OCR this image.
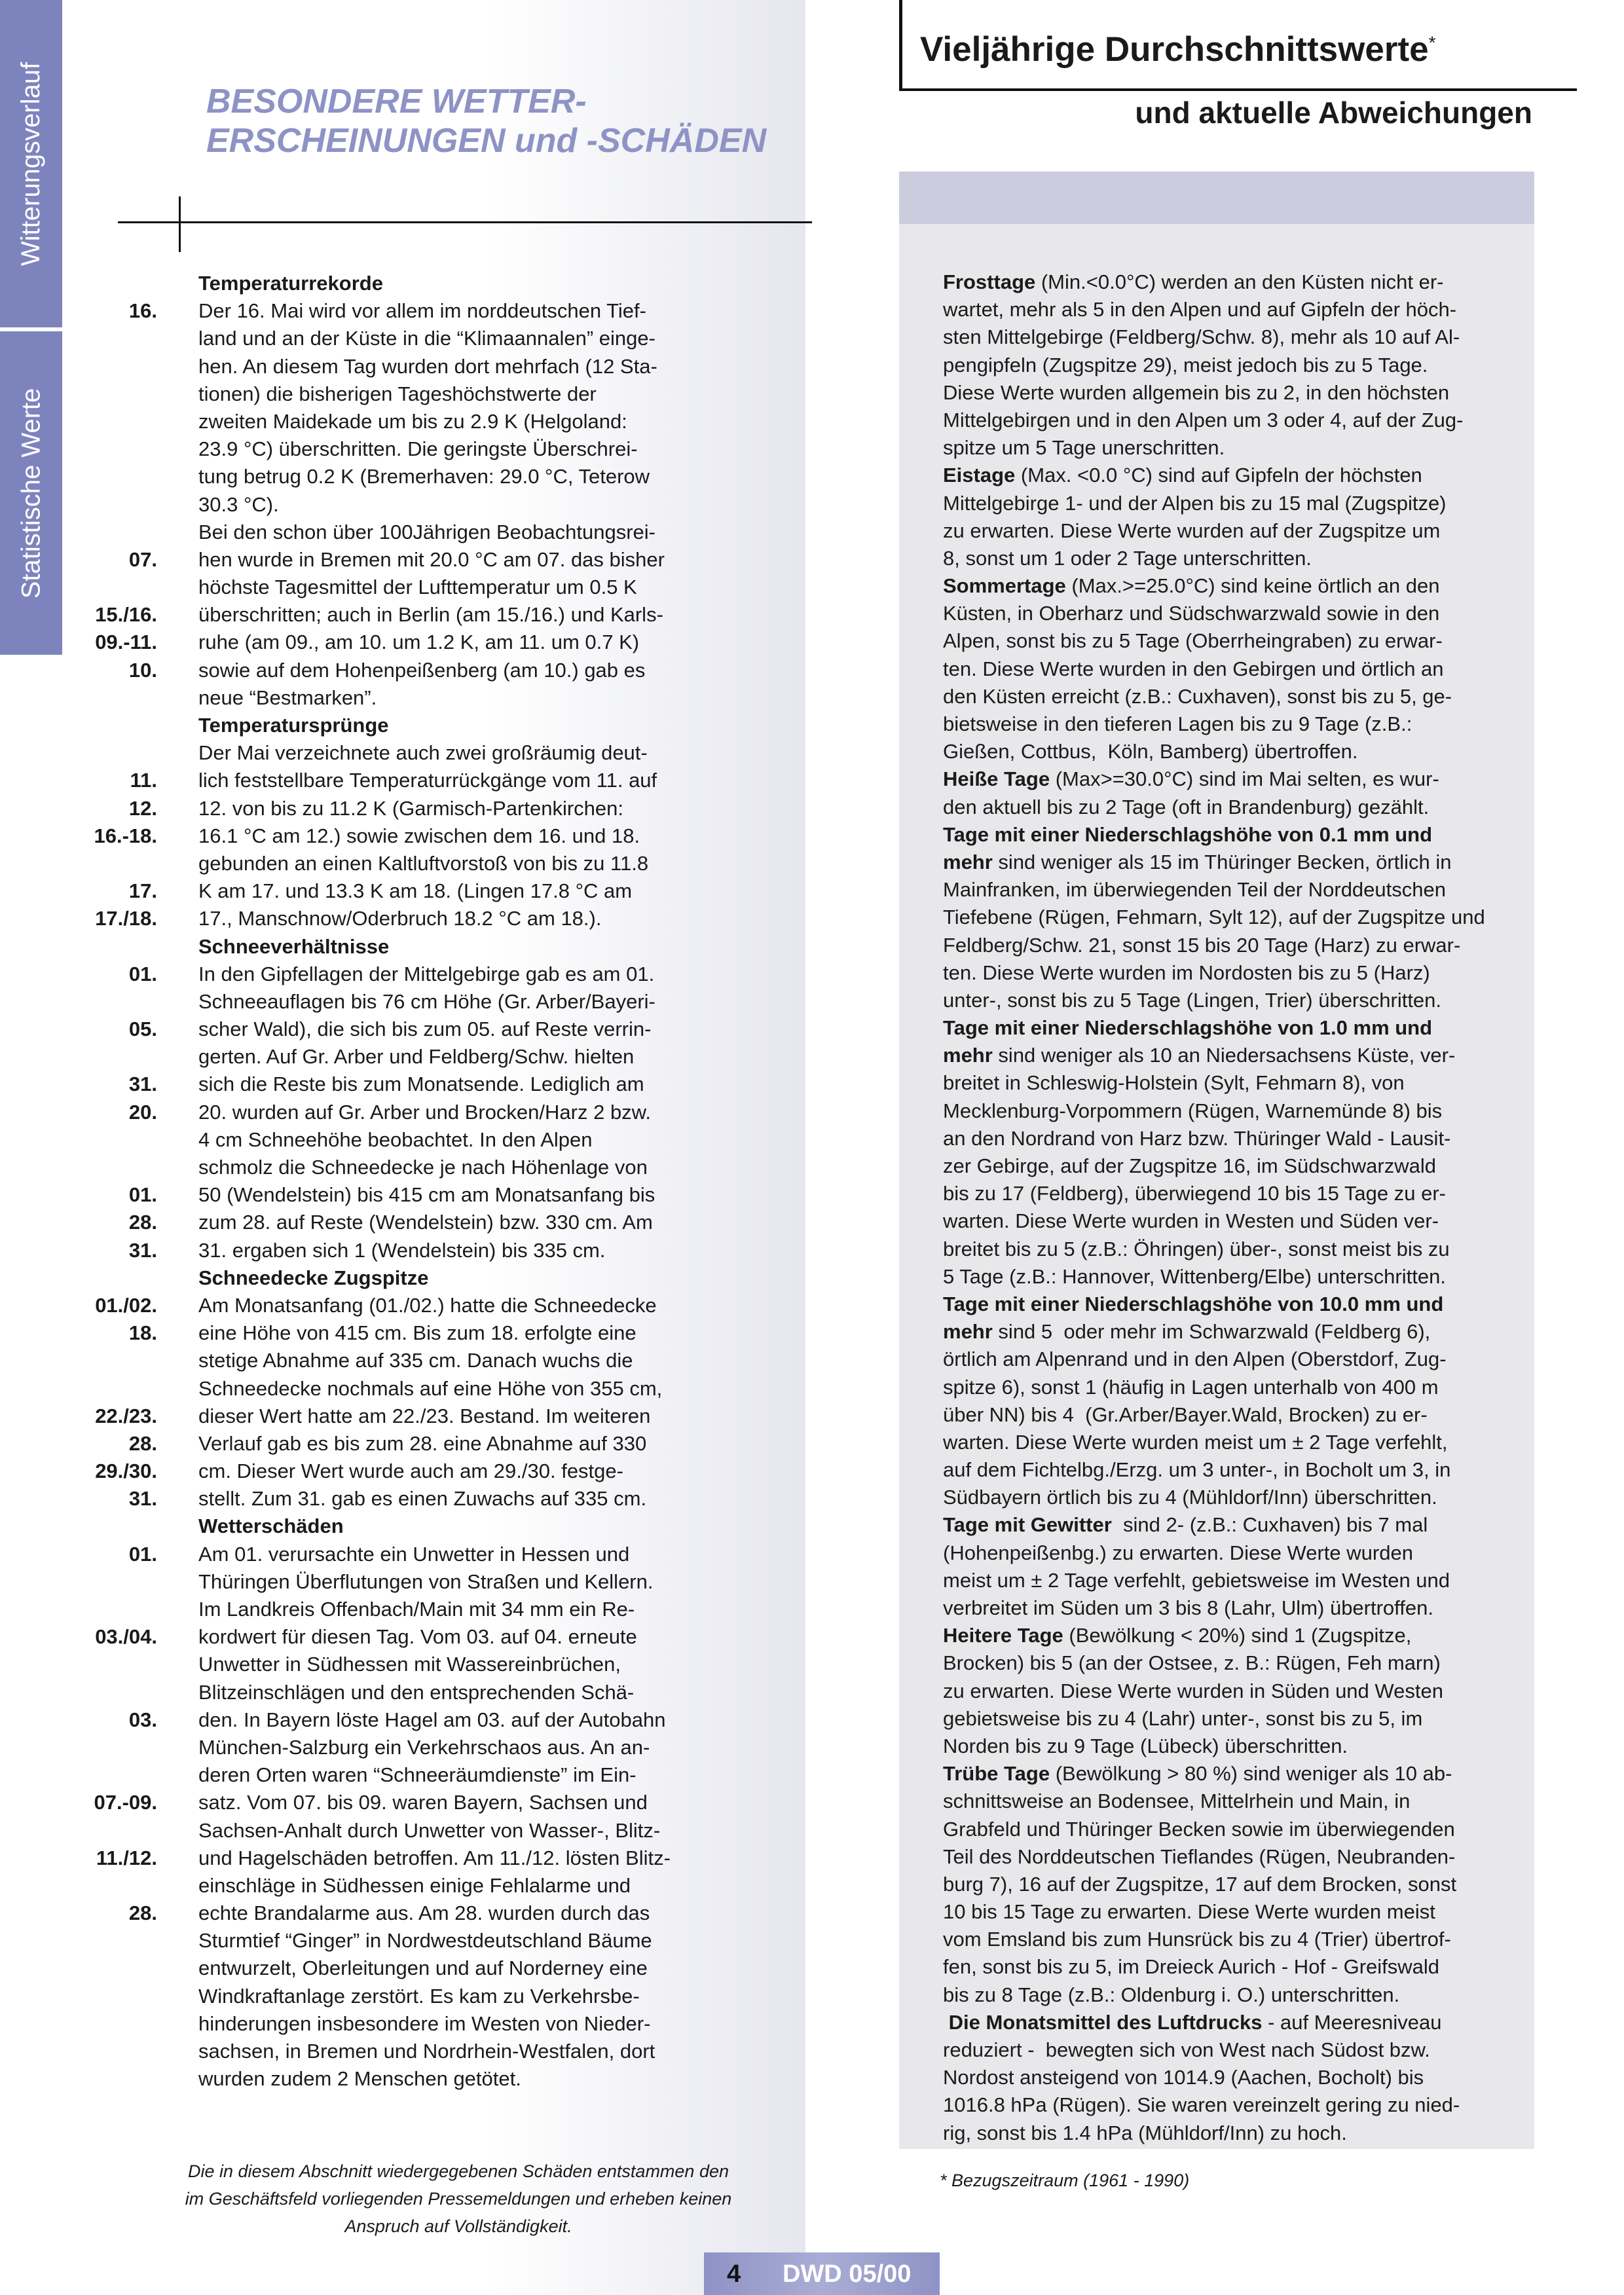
Witterungsverlauf
Statistische Werte
BESONDERE WETTER-
ERSCHEINUNGEN und -SCHÄDEN
Temperaturrekorde
16. Der 16. Mai wird vor allem im norddeutschen Tief-
land und an der Küste in die “Klimaannalen” einge-
hen. An diesem Tag wurden dort mehrfach (12 Sta-
tionen) die bisherigen Tageshöchstwerte der
zweiten Maidekade um bis zu 2.9 K (Helgoland:
23.9 °C) überschritten. Die geringste Überschrei-
tung betrug 0.2 K (Bremerhaven: 29.0 °C, Teterow
30.3 °C).
Bei den schon über 100Jährigen Beobachtungsrei-
07. hen wurde in Bremen mit 20.0 °C am 07. das bisher
höchste Tagesmittel der Lufttemperatur um 0.5 K
15./16. überschritten; auch in Berlin (am 15./16.) und Karls-
09.-11. ruhe (am 09., am 10. um 1.2 K, am 11. um 0.7 K)
10. sowie auf dem Hohenpeißenberg (am 10.) gab es
neue “Bestmarken”.
Temperatursprünge
Der Mai verzeichnete auch zwei großräumig deut-
11. lich feststellbare Temperaturrückgänge vom 11. auf
12. 12. von bis zu 11.2 K (Garmisch-Partenkirchen:
16.-18. 16.1 °C am 12.) sowie zwischen dem 16. und 18.
gebunden an einen Kaltluftvorstoß von bis zu 11.8
17. K am 17. und 13.3 K am 18. (Lingen 17.8 °C am
17./18. 17., Manschnow/Oderbruch 18.2 °C am 18.).
Schneeverhältnisse
01. In den Gipfellagen der Mittelgebirge gab es am 01.
Schneeauflagen bis 76 cm Höhe (Gr. Arber/Bayeri-
05. scher Wald), die sich bis zum 05. auf Reste verrin-
gerten. Auf Gr. Arber und Feldberg/Schw. hielten
31. sich die Reste bis zum Monatsende. Lediglich am
20. 20. wurden auf Gr. Arber und Brocken/Harz 2 bzw.
4 cm Schneehöhe beobachtet. In den Alpen
schmolz die Schneedecke je nach Höhenlage von
01. 50 (Wendelstein) bis 415 cm am Monatsanfang bis
28. zum 28. auf Reste (Wendelstein) bzw. 330 cm. Am
31. 31. ergaben sich 1 (Wendelstein) bis 335 cm.
Schneedecke Zugspitze
01./02. Am Monatsanfang (01./02.) hatte die Schneedecke
18. eine Höhe von 415 cm. Bis zum 18. erfolgte eine
stetige Abnahme auf 335 cm. Danach wuchs die
Schneedecke nochmals auf eine Höhe von 355 cm,
22./23. dieser Wert hatte am 22./23. Bestand. Im weiteren
28. Verlauf gab es bis zum 28. eine Abnahme auf 330
29./30. cm. Dieser Wert wurde auch am 29./30. festge-
31. stellt. Zum 31. gab es einen Zuwachs auf 335 cm.
Wetterschäden
01. Am 01. verursachte ein Unwetter in Hessen und
Thüringen Überflutungen von Straßen und Kellern.
Im Landkreis Offenbach/Main mit 34 mm ein Re-
03./04. kordwert für diesen Tag. Vom 03. auf 04. erneute
Unwetter in Südhessen mit Wassereinbrüchen,
Blitzeinschlägen und den entsprechenden Schä-
03. den. In Bayern löste Hagel am 03. auf der Autobahn
München-Salzburg ein Verkehrschaos aus. An an-
deren Orten waren “Schneeräumdienste” im Ein-
07.-09. satz. Vom 07. bis 09. waren Bayern, Sachsen und
Sachsen-Anhalt durch Unwetter von Wasser-, Blitz-
11./12. und Hagelschäden betroffen. Am 11./12. lösten Blitz-
einschläge in Südhessen einige Fehlalarme und
28. echte Brandalarme aus. Am 28. wurden durch das
Sturmtief “Ginger” in Nordwestdeutschland Bäume
entwurzelt, Oberleitungen und auf Norderney eine
Windkraftanlage zerstört. Es kam zu Verkehrsbe-
hinderungen insbesondere im Westen von Nieder-
sachsen, in Bremen und Nordrhein-Westfalen, dort
wurden zudem 2 Menschen getötet.
Die in diesem Abschnitt wiedergegebenen Schäden entstammen den
im Geschäftsfeld vorliegenden Pressemeldungen und erheben keinen
Anspruch auf Vollständigkeit.
Vieljährige Durchschnittswerte*
und aktuelle Abweichungen
Frosttage (Min.<0.0°C) werden an den Küsten nicht er-
wartet, mehr als 5 in den Alpen und auf Gipfeln der höch-
sten Mittelgebirge (Feldberg/Schw. 8), mehr als 10 auf Al-
pengipfeln (Zugspitze 29), meist jedoch bis zu 5 Tage.
Diese Werte wurden allgemein bis zu 2, in den höchsten
Mittelgebirgen und in den Alpen um 3 oder 4, auf der Zug-
spitze um 5 Tage unerschritten.
Eistage (Max. <0.0 °C) sind auf Gipfeln der höchsten
Mittelgebirge 1- und der Alpen bis zu 15 mal (Zugspitze)
zu erwarten. Diese Werte wurden auf der Zugspitze um
8, sonst um 1 oder 2 Tage unterschritten.
Sommertage (Max.>=25.0°C) sind keine örtlich an den
Küsten, in Oberharz und Südschwarzwald sowie in den
Alpen, sonst bis zu 5 Tage (Oberrheingraben) zu erwar-
ten. Diese Werte wurden in den Gebirgen und örtlich an
den Küsten erreicht (z.B.: Cuxhaven), sonst bis zu 5, ge-
bietsweise in den tieferen Lagen bis zu 9 Tage (z.B.:
Gießen, Cottbus,  Köln, Bamberg) übertroffen.
Heiße Tage (Max>=30.0°C) sind im Mai selten, es wur-
den aktuell bis zu 2 Tage (oft in Brandenburg) gezählt.
Tage mit einer Niederschlagshöhe von 0.1 mm und
mehr sind weniger als 15 im Thüringer Becken, örtlich in
Mainfranken, im überwiegenden Teil der Norddeutschen
Tiefebene (Rügen, Fehmarn, Sylt 12), auf der Zugspitze und
Feldberg/Schw. 21, sonst 15 bis 20 Tage (Harz) zu erwar-
ten. Diese Werte wurden im Nordosten bis zu 5 (Harz)
unter-, sonst bis zu 5 Tage (Lingen, Trier) überschritten.
Tage mit einer Niederschlagshöhe von 1.0 mm und
mehr sind weniger als 10 an Niedersachsens Küste, ver-
breitet in Schleswig-Holstein (Sylt, Fehmarn 8), von
Mecklenburg-Vorpommern (Rügen, Warnemünde 8) bis
an den Nordrand von Harz bzw. Thüringer Wald - Lausit-
zer Gebirge, auf der Zugspitze 16, im Südschwarzwald
bis zu 17 (Feldberg), überwiegend 10 bis 15 Tage zu er-
warten. Diese Werte wurden in Westen und Süden ver-
breitet bis zu 5 (z.B.: Öhringen) über-, sonst meist bis zu
5 Tage (z.B.: Hannover, Wittenberg/Elbe) unterschritten.
Tage mit einer Niederschlagshöhe von 10.0 mm und
mehr sind 5  oder mehr im Schwarzwald (Feldberg 6),
örtlich am Alpenrand und in den Alpen (Oberstdorf, Zug-
spitze 6), sonst 1 (häufig in Lagen unterhalb von 400 m
über NN) bis 4  (Gr.Arber/Bayer.Wald, Brocken) zu er-
warten. Diese Werte wurden meist um ± 2 Tage verfehlt,
auf dem Fichtelbg./Erzg. um 3 unter-, in Bocholt um 3, in
Südbayern örtlich bis zu 4 (Mühldorf/Inn) überschritten.
Tage mit Gewitter  sind 2- (z.B.: Cuxhaven) bis 7 mal
(Hohenpeißenbg.) zu erwarten. Diese Werte wurden
meist um ± 2 Tage verfehlt, gebietsweise im Westen und
verbreitet im Süden um 3 bis 8 (Lahr, Ulm) übertroffen.
Heitere Tage (Bewölkung < 20%) sind 1 (Zugspitze,
Brocken) bis 5 (an der Ostsee, z. B.: Rügen, Feh marn)
zu erwarten. Diese Werte wurden in Süden und Westen
gebietsweise bis zu 4 (Lahr) unter-, sonst bis zu 5, im
Norden bis zu 9 Tage (Lübeck) überschritten.
Trübe Tage (Bewölkung > 80 %) sind weniger als 10 ab-
schnittsweise an Bodensee, Mittelrhein und Main, in
Grabfeld und Thüringer Becken sowie im überwiegenden
Teil des Norddeutschen Tieflandes (Rügen, Neubranden-
burg 7), 16 auf der Zugspitze, 17 auf dem Brocken, sonst
10 bis 15 Tage zu erwarten. Diese Werte wurden meist
vom Emsland bis zum Hunsrück bis zu 4 (Trier) übertrof-
fen, sonst bis zu 5, im Dreieck Aurich - Hof - Greifswald
bis zu 8 Tage (z.B.: Oldenburg i. O.) unterschritten.
Die Monatsmittel des Luftdrucks - auf Meeresniveau
reduziert -  bewegten sich von West nach Südost bzw.
Nordost ansteigend von 1014.9 (Aachen, Bocholt) bis
1016.8 hPa (Rügen). Sie waren vereinzelt gering zu nied-
rig, sonst bis 1.4 hPa (Mühldorf/Inn) zu hoch.
* Bezugszeitraum (1961 - 1990)
4 DWD 05/00
